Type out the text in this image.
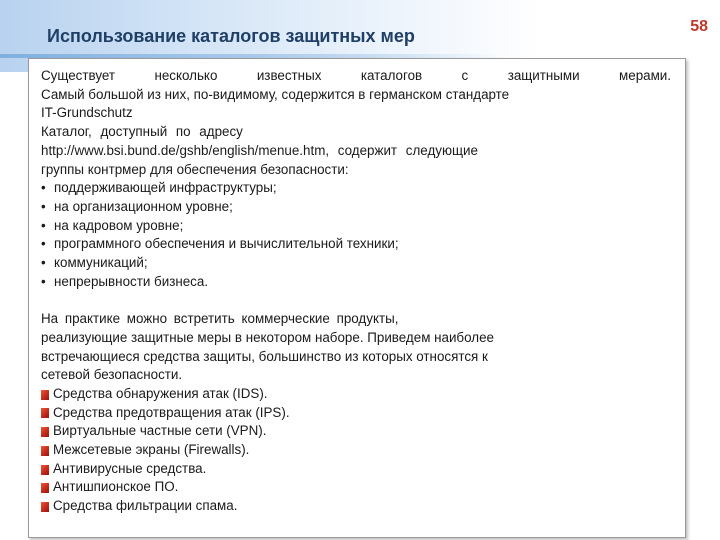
Использование каталогов защитных мер	58
Существует несколько известных каталогов с защитными мерами.
Самый большой из них, по-видимому, содержится в германском стандарте
IT-Grundschutz
Каталог, доступный по адресу
http://www.bsi.bund.de/gshb/english/menue.htm, содержит следующие
группы контрмер для обеспечения безопасности:
• поддерживающей инфраструктуры;
• на организационном уровне;
• на кадровом уровне;
• программного обеспечения и вычислительной техники;
• коммуникаций;
• непрерывности бизнеса.
На практике можно встретить коммерческие продукты,
реализующие защитные меры в некотором наборе. Приведем наиболее
встречающиеся средства защиты, большинство из которых относятся к
сетевой безопасности.
Средства обнаружения атак (IDS).
Средства предотвращения атак (IPS).
Виртуальные частные сети (VPN).
Межсетевые экраны (Firewalls).
Антивирусные средства.
Антишпионское ПО.
Средства фильтрации спама.
